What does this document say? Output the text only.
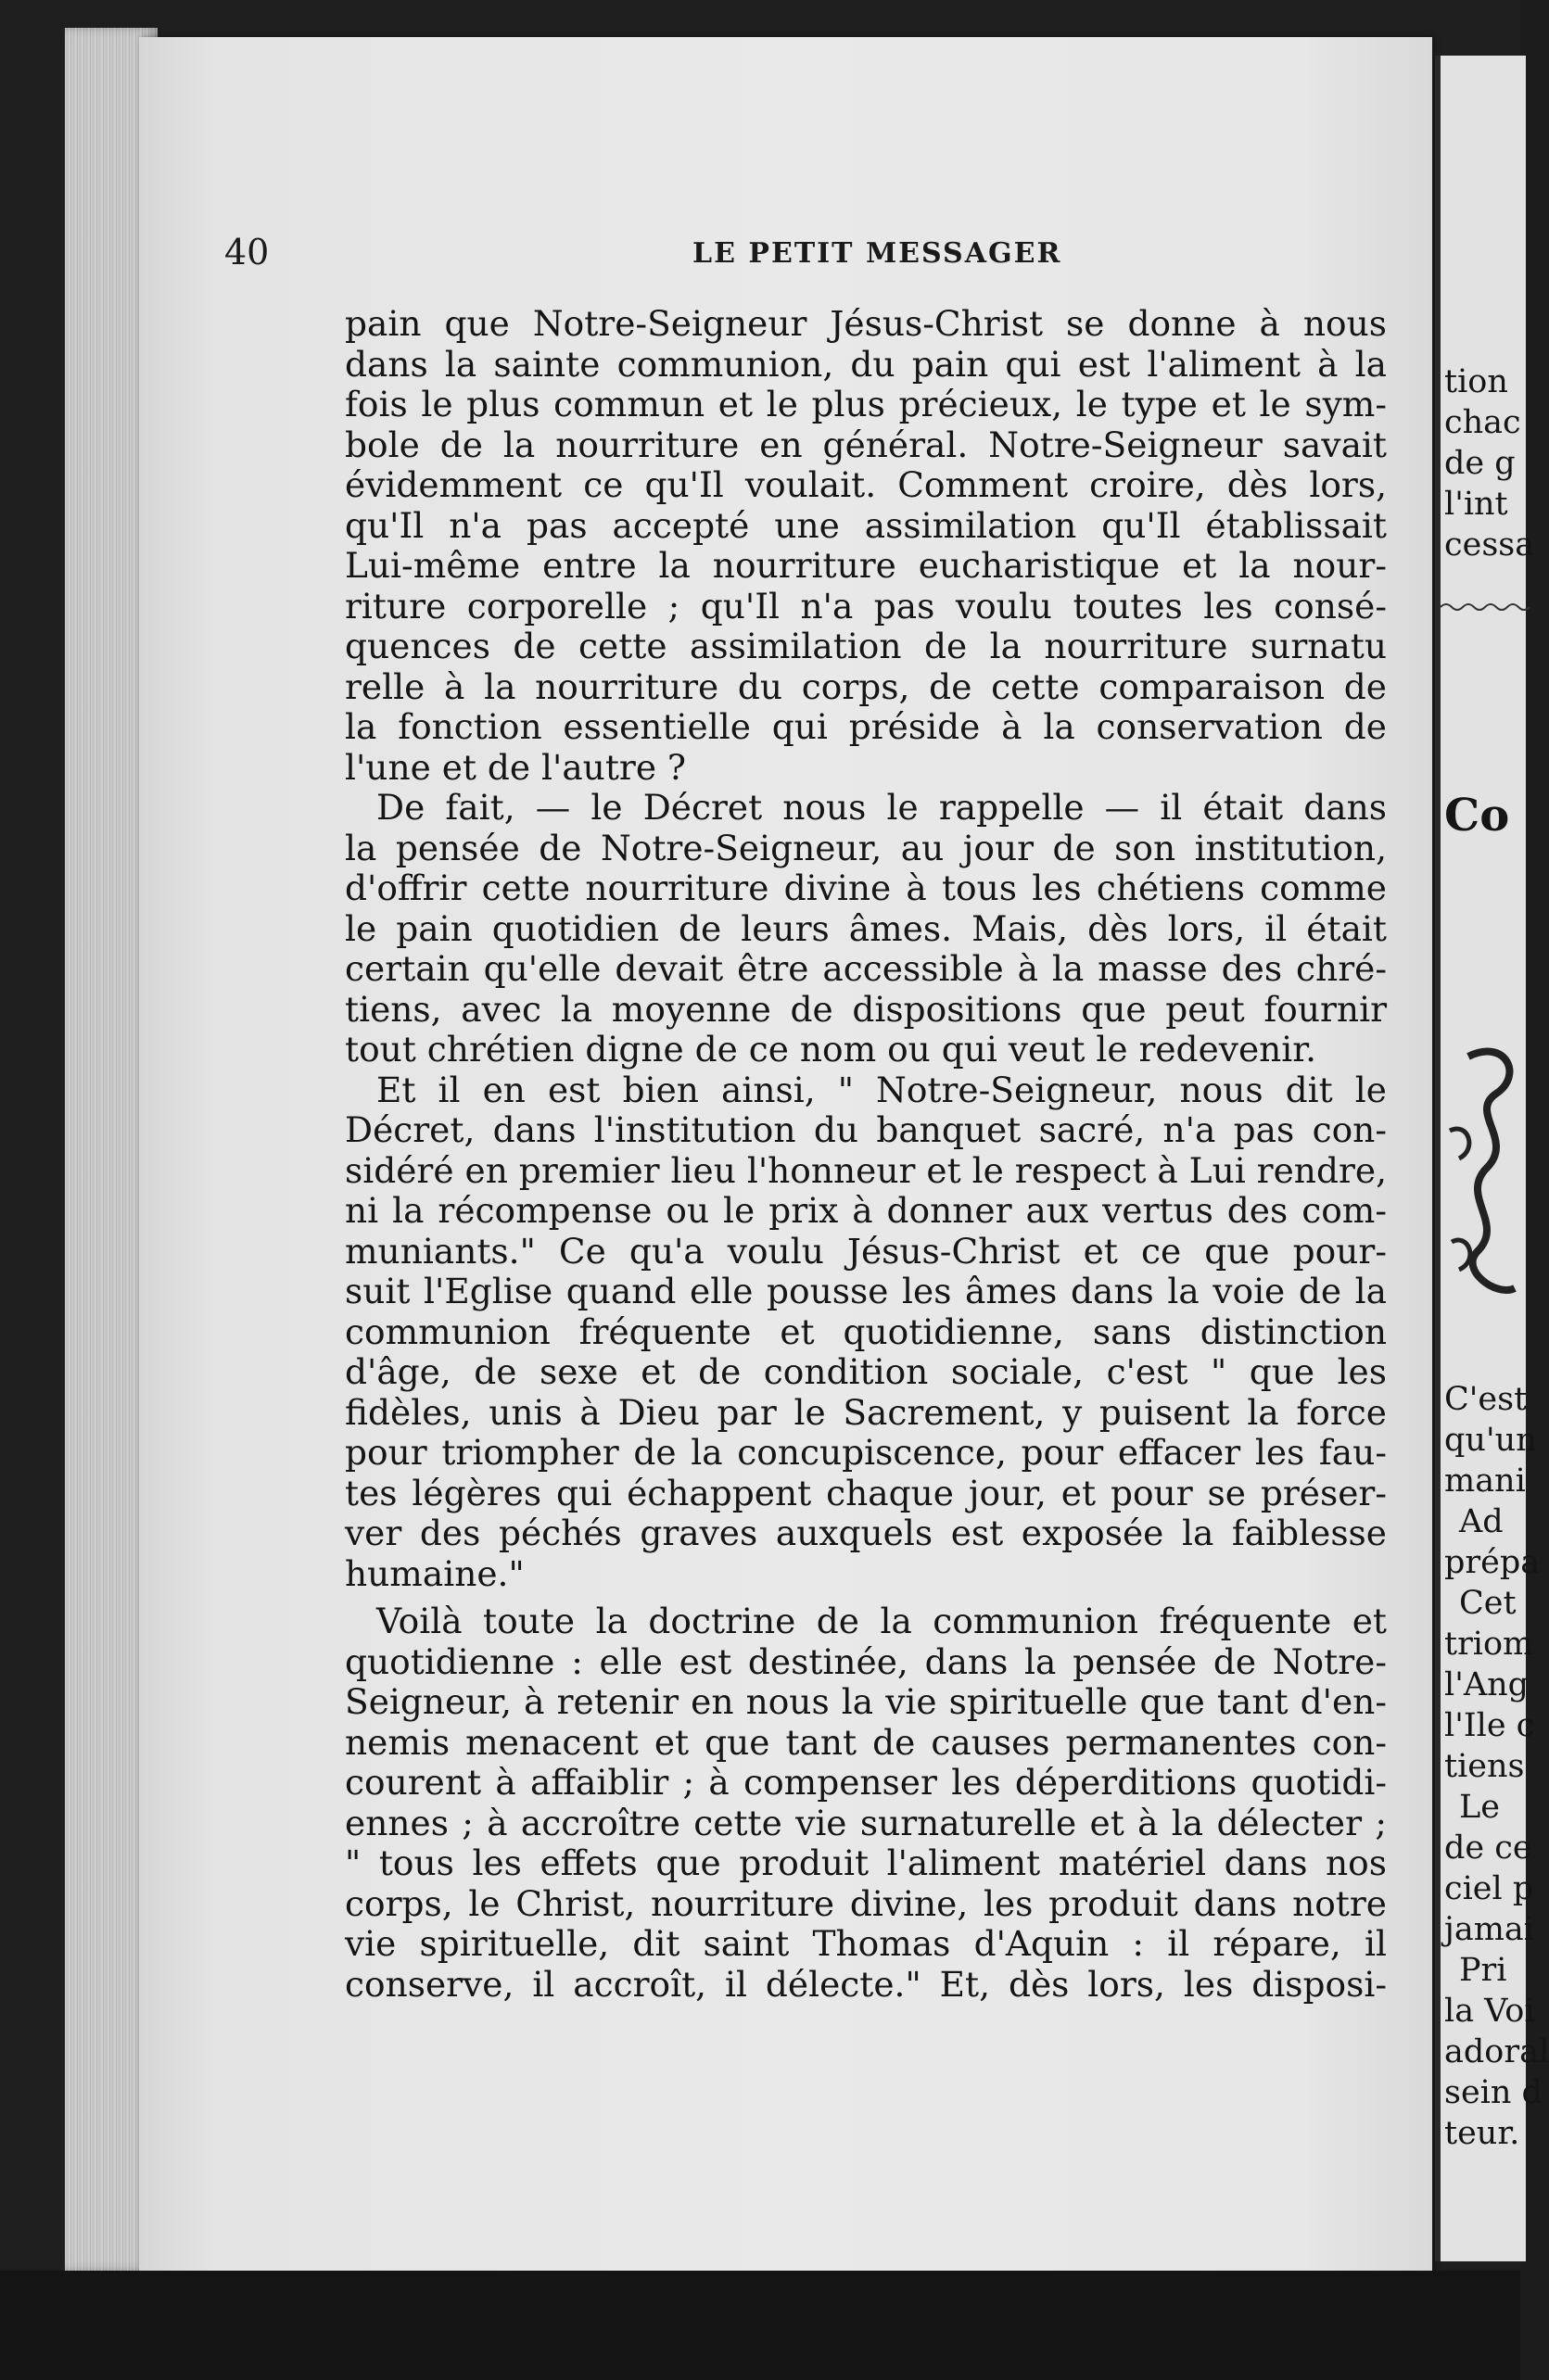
40	LE PETIT MESSAGER
pain que Notre-Seigneur Jésus-Christ se donne à nous
dans la sainte communion, du pain qui est l'aliment à la
fois le plus commun et le plus précieux, le type et le sym-
bole de la nourriture en général. Notre-Seigneur savait
évidemment ce qu'Il voulait. Comment croire, dès lors,
qu'Il n'a pas accepté une assimilation qu'Il établissait
Lui-même entre la nourriture eucharistique et la nour-
riture corporelle ; qu'Il n'a pas voulu toutes les consé-
quences de cette assimilation de la nourriture surnatu
relle à la nourriture du corps, de cette comparaison de
la fonction essentielle qui préside à la conservation de
l'une et de l'autre ?
De fait, — le Décret nous le rappelle — il était dans
la pensée de Notre-Seigneur, au jour de son institution,
d'offrir cette nourriture divine à tous les chétiens comme
le pain quotidien de leurs âmes. Mais, dès lors, il était
certain qu'elle devait être accessible à la masse des chré-
tiens, avec la moyenne de dispositions que peut fournir
tout chrétien digne de ce nom ou qui veut le redevenir.
Et il en est bien ainsi, " Notre-Seigneur, nous dit le
Décret, dans l'institution du banquet sacré, n'a pas con-
sidéré en premier lieu l'honneur et le respect à Lui rendre,
ni la récompense ou le prix à donner aux vertus des com-
muniants." Ce qu'a voulu Jésus-Christ et ce que pour-
suit l'Eglise quand elle pousse les âmes dans la voie de la
communion fréquente et quotidienne, sans distinction
d'âge, de sexe et de condition sociale, c'est " que les
fidèles, unis à Dieu par le Sacrement, y puisent la force
pour triompher de la concupiscence, pour effacer les fau-
tes légères qui échappent chaque jour, et pour se préser-
ver des péchés graves auxquels est exposée la faiblesse
humaine."
Voilà toute la doctrine de la communion fréquente et
quotidienne : elle est destinée, dans la pensée de Notre-
Seigneur, à retenir en nous la vie spirituelle que tant d'en-
nemis menacent et que tant de causes permanentes con-
courent à affaiblir ; à compenser les déperditions quotidi-
ennes ; à accroître cette vie surnaturelle et à la délecter ;
" tous les effets que produit l'aliment matériel dans nos
corps, le Christ, nourriture divine, les produit dans notre
vie spirituelle, dit saint Thomas d'Aquin : il répare, il
conserve, il accroît, il délecte." Et, dès lors, les disposi-
tion
chac
de g
l'int
cessa
Co
C'est
qu'un
mani
Ad
prépa
Cet
triom
l'Ang
l'Ile c
tiens
Le
de ce
ciel p
jamai
Pri
la Voi
adoral
sein d
teur.
